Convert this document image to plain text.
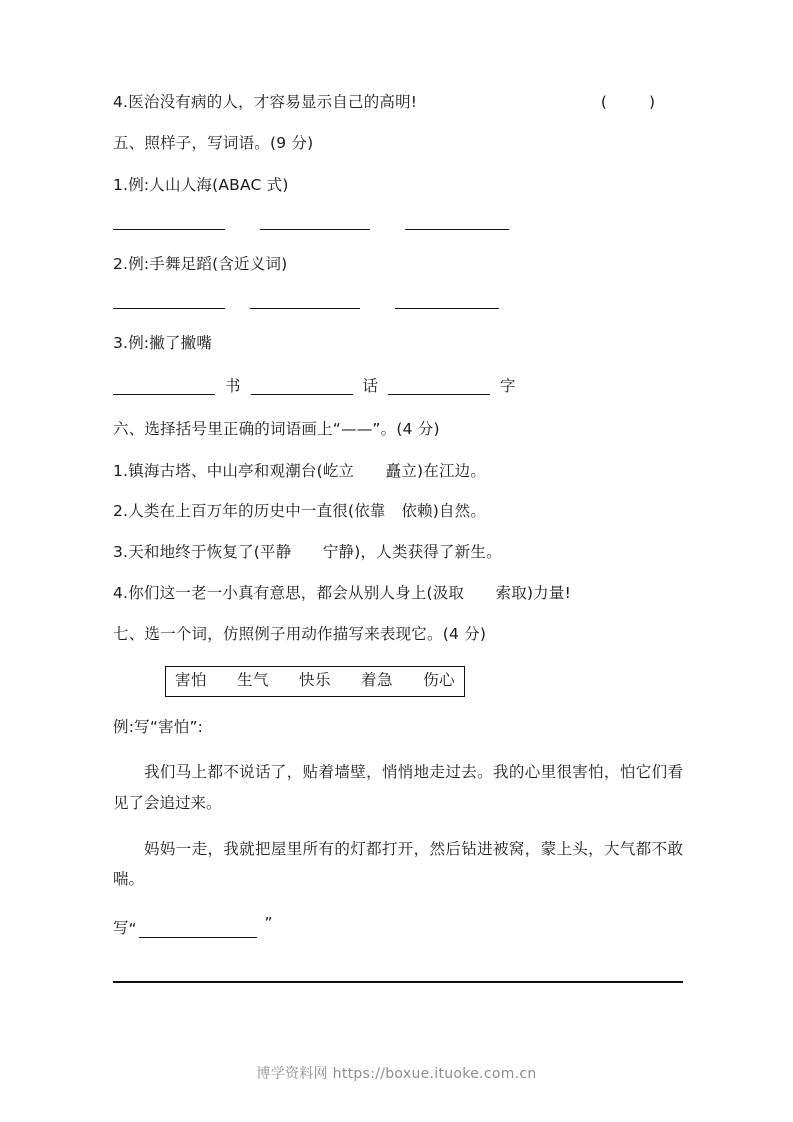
4.医治没有病的人，才容易显示自己的高明!	(	)
五、照样子，写词语。(9 分)
1.例:人山人海(ABAC 式)
2.例:手舞足蹈(含近义词)
3.例:撇了撇嘴
书	话	字
六、选择括号里正确的词语画上“——”。(4 分)
1.镇海古塔、中山亭和观潮台(屹立　　矗立)在江边。
2.人类在上百万年的历史中一直很(依靠　依赖)自然。
3.天和地终于恢复了(平静　　宁静)，人类获得了新生。
4.你们这一老一小真有意思，都会从别人身上(汲取　　索取)力量!
七、选一个词，仿照例子用动作描写来表现它。(4 分)
害怕 生气 快乐 着急 伤心
例:写“害怕”:
我们马上都不说话了，贴着墙壁，悄悄地走过去。我的心里很害怕，怕它们看见了会追过来。
妈妈一走，我就把屋里所有的灯都打开，然后钻进被窝，蒙上头，大气都不敢喘。
写 “	”
博学资料网 https://boxue.ituoke.com.cn
